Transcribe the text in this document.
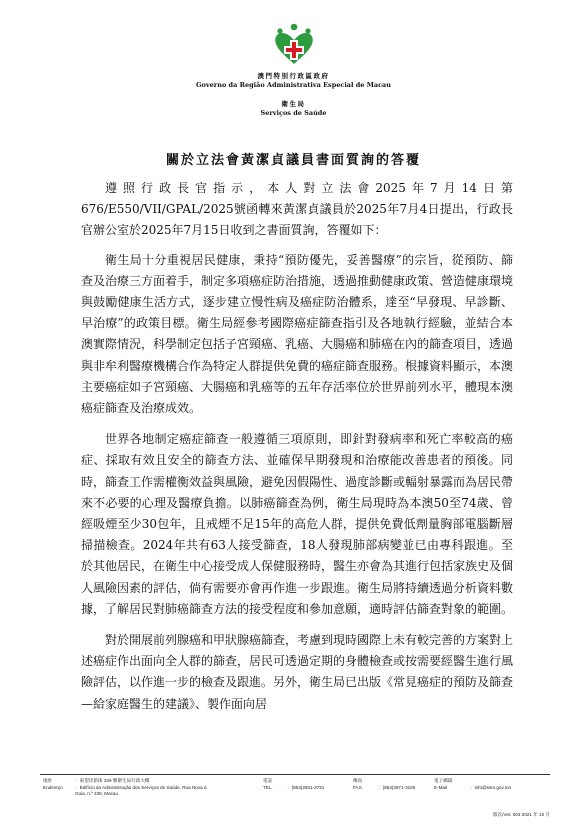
澳門特別行政區政府
Governo da Região Administrativa Especial de Macau
衛生局
Serviços de Saúde
關於立法會黃潔貞議員書面質詢的答覆

遵照行政長官指示，本人對立法會2025年7月14日第676/E550/VII/GPAL/2025號函轉來黃潔貞議員於2025年7月4日提出，行政長官辦公室於2025年7月15日收到之書面質詢，答覆如下：

衛生局十分重視居民健康，秉持“預防優先，妥善醫療”的宗旨，從預防、篩查及治療三方面着手，制定多項癌症防治措施，透過推動健康政策、營造健康環境與鼓勵健康生活方式，逐步建立慢性病及癌症防治體系，達至“早發現、早診斷、早治療”的政策目標。衛生局經參考國際癌症篩查指引及各地執行經驗，並結合本澳實際情況，科學制定包括子宮頸癌、乳癌、大腸癌和肺癌在內的篩查項目，透過與非牟利醫療機構合作為特定人群提供免費的癌症篩查服務。根據資料顯示，本澳主要癌症如子宮頸癌、大腸癌和乳癌等的五年存活率位於世界前列水平，體現本澳癌症篩查及治療成效。

世界各地制定癌症篩查一般遵循三項原則，即針對發病率和死亡率較高的癌症、採取有效且安全的篩查方法、並確保早期發現和治療能改善患者的預後。同時，篩查工作需權衡效益與風險，避免因假陽性、過度診斷或輻射暴露而為居民帶來不必要的心理及醫療負擔。以肺癌篩查為例，衛生局現時為本澳50至74歲、曾經吸煙至少30包年，且戒煙不足15年的高危人群，提供免費低劑量胸部電腦斷層掃描檢查。2024年共有63人接受篩查，18人發現肺部病變並已由專科跟進。至於其他居民，在衛生中心接受成人保健服務時，醫生亦會為其進行包括家族史及個人風險因素的評估，倘有需要亦會再作進一步跟進。衛生局將持續透過分析資料數據，了解居民對肺癌篩查方法的接受程度和參加意願，適時評估篩查對象的範圍。

對於開展前列腺癌和甲狀腺癌篩查，考慮到現時國際上未有較完善的方案對上述癌症作出面向全人群的篩查，居民可透過定期的身體檢查或按需要經醫生進行風險評估，以作進一步的檢查及跟進。另外，衛生局已出版《常見癌症的預防及篩查—給家庭醫生的建議》、製作面向居

地址
Endereço
：東望洋新街 339 號衛生局行政大樓
：Edifício da Administração dos Serviços de Saúde, Rua Nova à
Guia, n.º 339, Macau
電話
TEL.
	：(853)2831-3731
傳真
FAX.
	：(853)2871-3105
電子郵箱
E-Mail
	：info@ssm.gov.mo
版次/Ver. 003 2021 年 10 月
